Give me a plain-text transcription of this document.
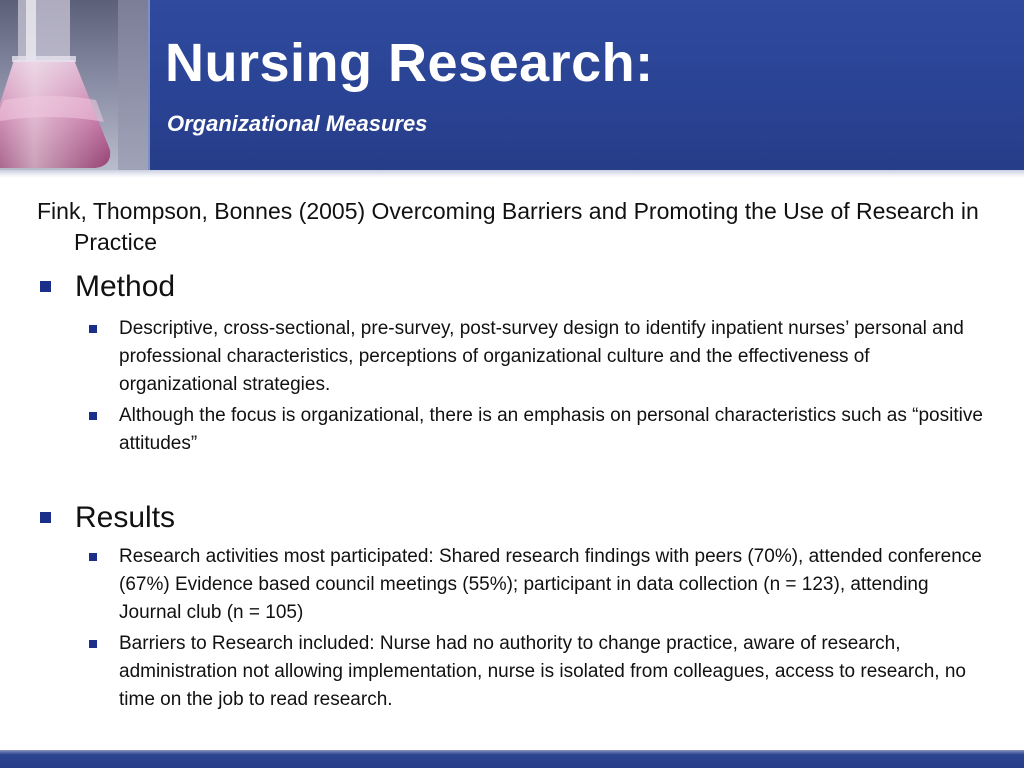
Nursing Research:
Organizational Measures
Fink, Thompson, Bonnes (2005) Overcoming Barriers and Promoting the Use of Research in Practice
Method
Descriptive, cross-sectional, pre-survey, post-survey design to identify inpatient nurses’ personal and professional characteristics, perceptions of organizational culture and the effectiveness of organizational strategies.
Although the focus is organizational, there is an emphasis on personal characteristics such as “positive attitudes”
Results
Research activities most participated: Shared research findings with peers (70%), attended conference (67%) Evidence based council meetings (55%); participant in data collection (n = 123), attending Journal club (n = 105)
Barriers to Research included: Nurse had no authority to change practice, aware of research, administration not allowing implementation, nurse is isolated from colleagues, access to research, no time on the job to read research.
